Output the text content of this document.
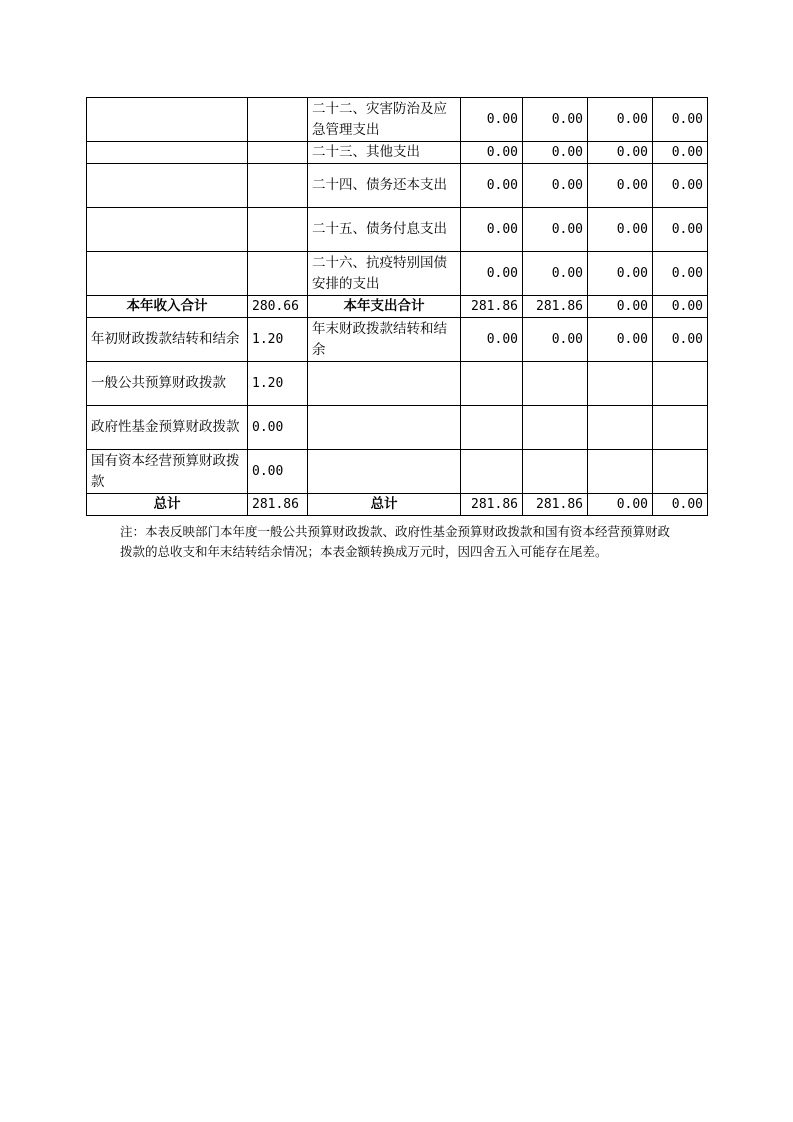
		二十二、灾害防治及应急管理支出	0.00	0.00	0.00	0.00
		二十三、其他支出	0.00	0.00	0.00	0.00
		二十四、债务还本支出	0.00	0.00	0.00	0.00
		二十五、债务付息支出	0.00	0.00	0.00	0.00
		二十六、抗疫特别国债安排的支出	0.00	0.00	0.00	0.00
本年收入合计	280.66	本年支出合计	281.86	281.86	0.00	0.00
年初财政拨款结转和结余	1.20	年末财政拨款结转和结余	0.00	0.00	0.00	0.00
一般公共预算财政拨款	1.20					
政府性基金预算财政拨款	0.00					
国有资本经营预算财政拨款	0.00					
总计	281.86	总计	281.86	281.86	0.00	0.00
注：本表反映部门本年度一般公共预算财政拨款、政府性基金预算财政拨款和国有资本经营预算财政拨款的总收支和年末结转结余情况；本表金额转换成万元时，因四舍五入可能存在尾差。
